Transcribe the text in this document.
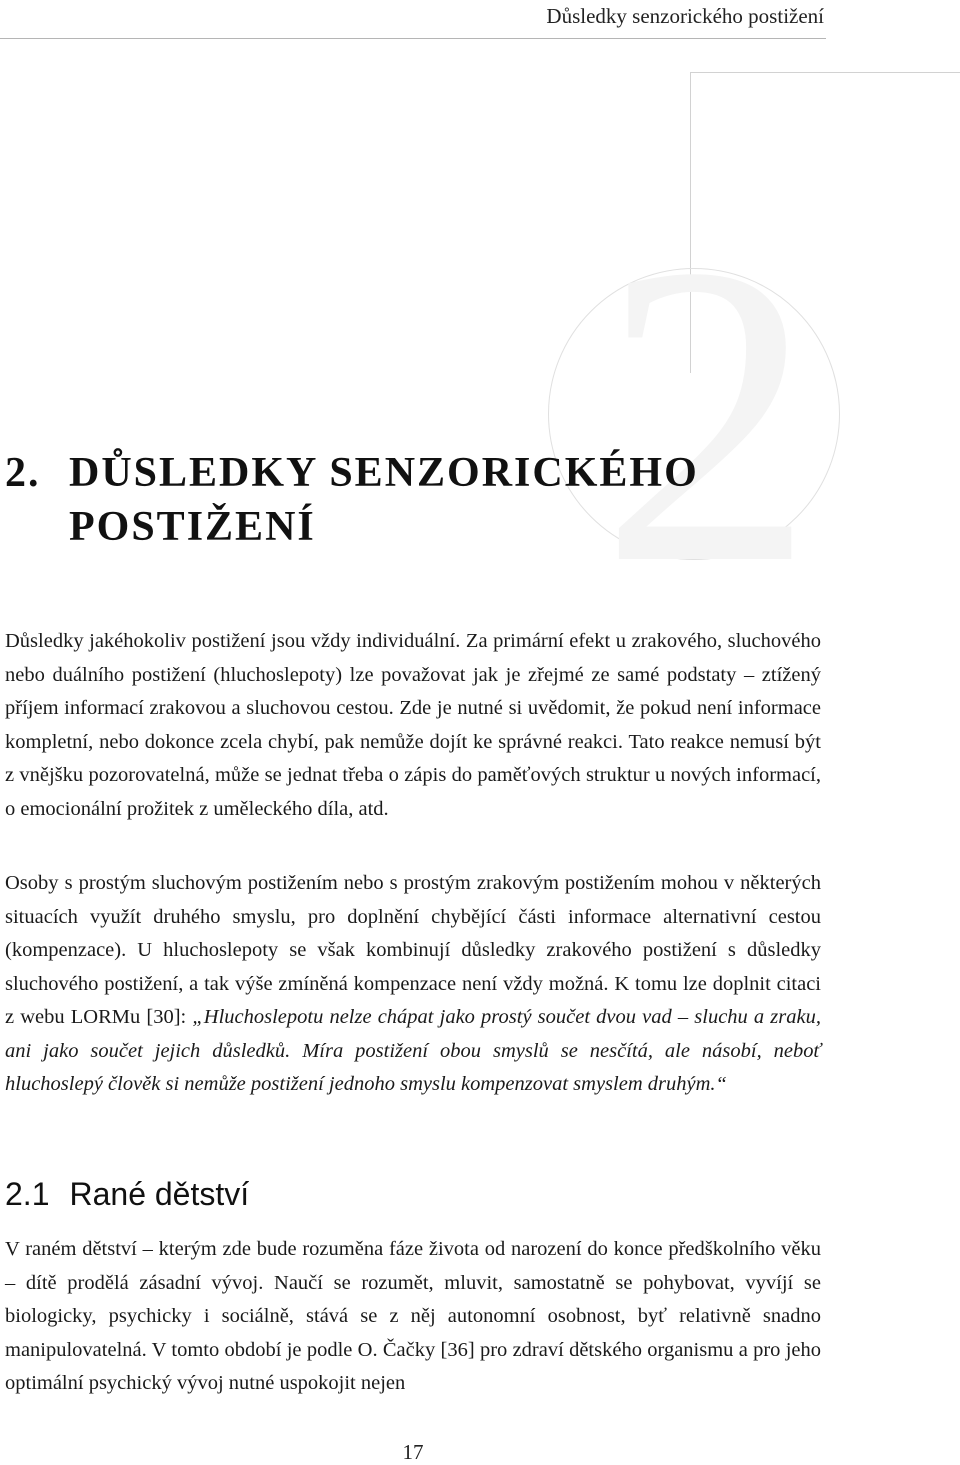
Důsledky senzorického postižení
2
2. DŮSLEDKY SENZORICKÉHO
POSTIŽENÍ

Důsledky jakéhokoliv postižení jsou vždy individuální. Za primární efekt u zrakového, sluchového nebo duálního postižení (hluchoslepoty) lze považovat jak je zřejmé ze samé podstaty – ztížený příjem informací zrakovou a sluchovou cestou. Zde je nutné si uvědomit, že pokud není informace kompletní, nebo dokonce zcela chybí, pak nemůže dojít ke správné reakci. Tato reakce nemusí být z vnějšku pozorovatelná, může se jednat třeba o zápis do paměťových struktur u nových informací, o emocionální prožitek z uměleckého díla, atd.

Osoby s prostým sluchovým postižením nebo s prostým zrakovým postižením mohou v některých situacích využít druhého smyslu, pro doplnění chybějící části informace alternativní cestou (kompenzace). U hluchoslepoty se však kombinují důsledky zrakového postižení s důsledky sluchového postižení, a tak výše zmíněná kompenzace není vždy možná. K tomu lze doplnit citaci z webu LORMu [30]: „Hluchoslepotu nelze chápat jako prostý součet dvou vad – sluchu a zraku, ani jako součet jejich důsledků. Míra postižení obou smyslů se nesčítá, ale násobí, neboť hluchoslepý člověk si nemůže postižení jednoho smyslu kompenzovat smyslem druhým.“

2.1 Rané dětství

V raném dětství – kterým zde bude rozuměna fáze života od narození do konce předškolního věku – dítě prodělá zásadní vývoj. Naučí se rozumět, mluvit, samostatně se pohybovat, vyvíjí se biologicky, psychicky i sociálně, stává se z něj autonomní osobnost, byť relativně snadno manipulovatelná. V tomto období je podle O. Čačky [36] pro zdraví dětského organismu a pro jeho optimální psychický vývoj nutné uspokojit nejen

17
